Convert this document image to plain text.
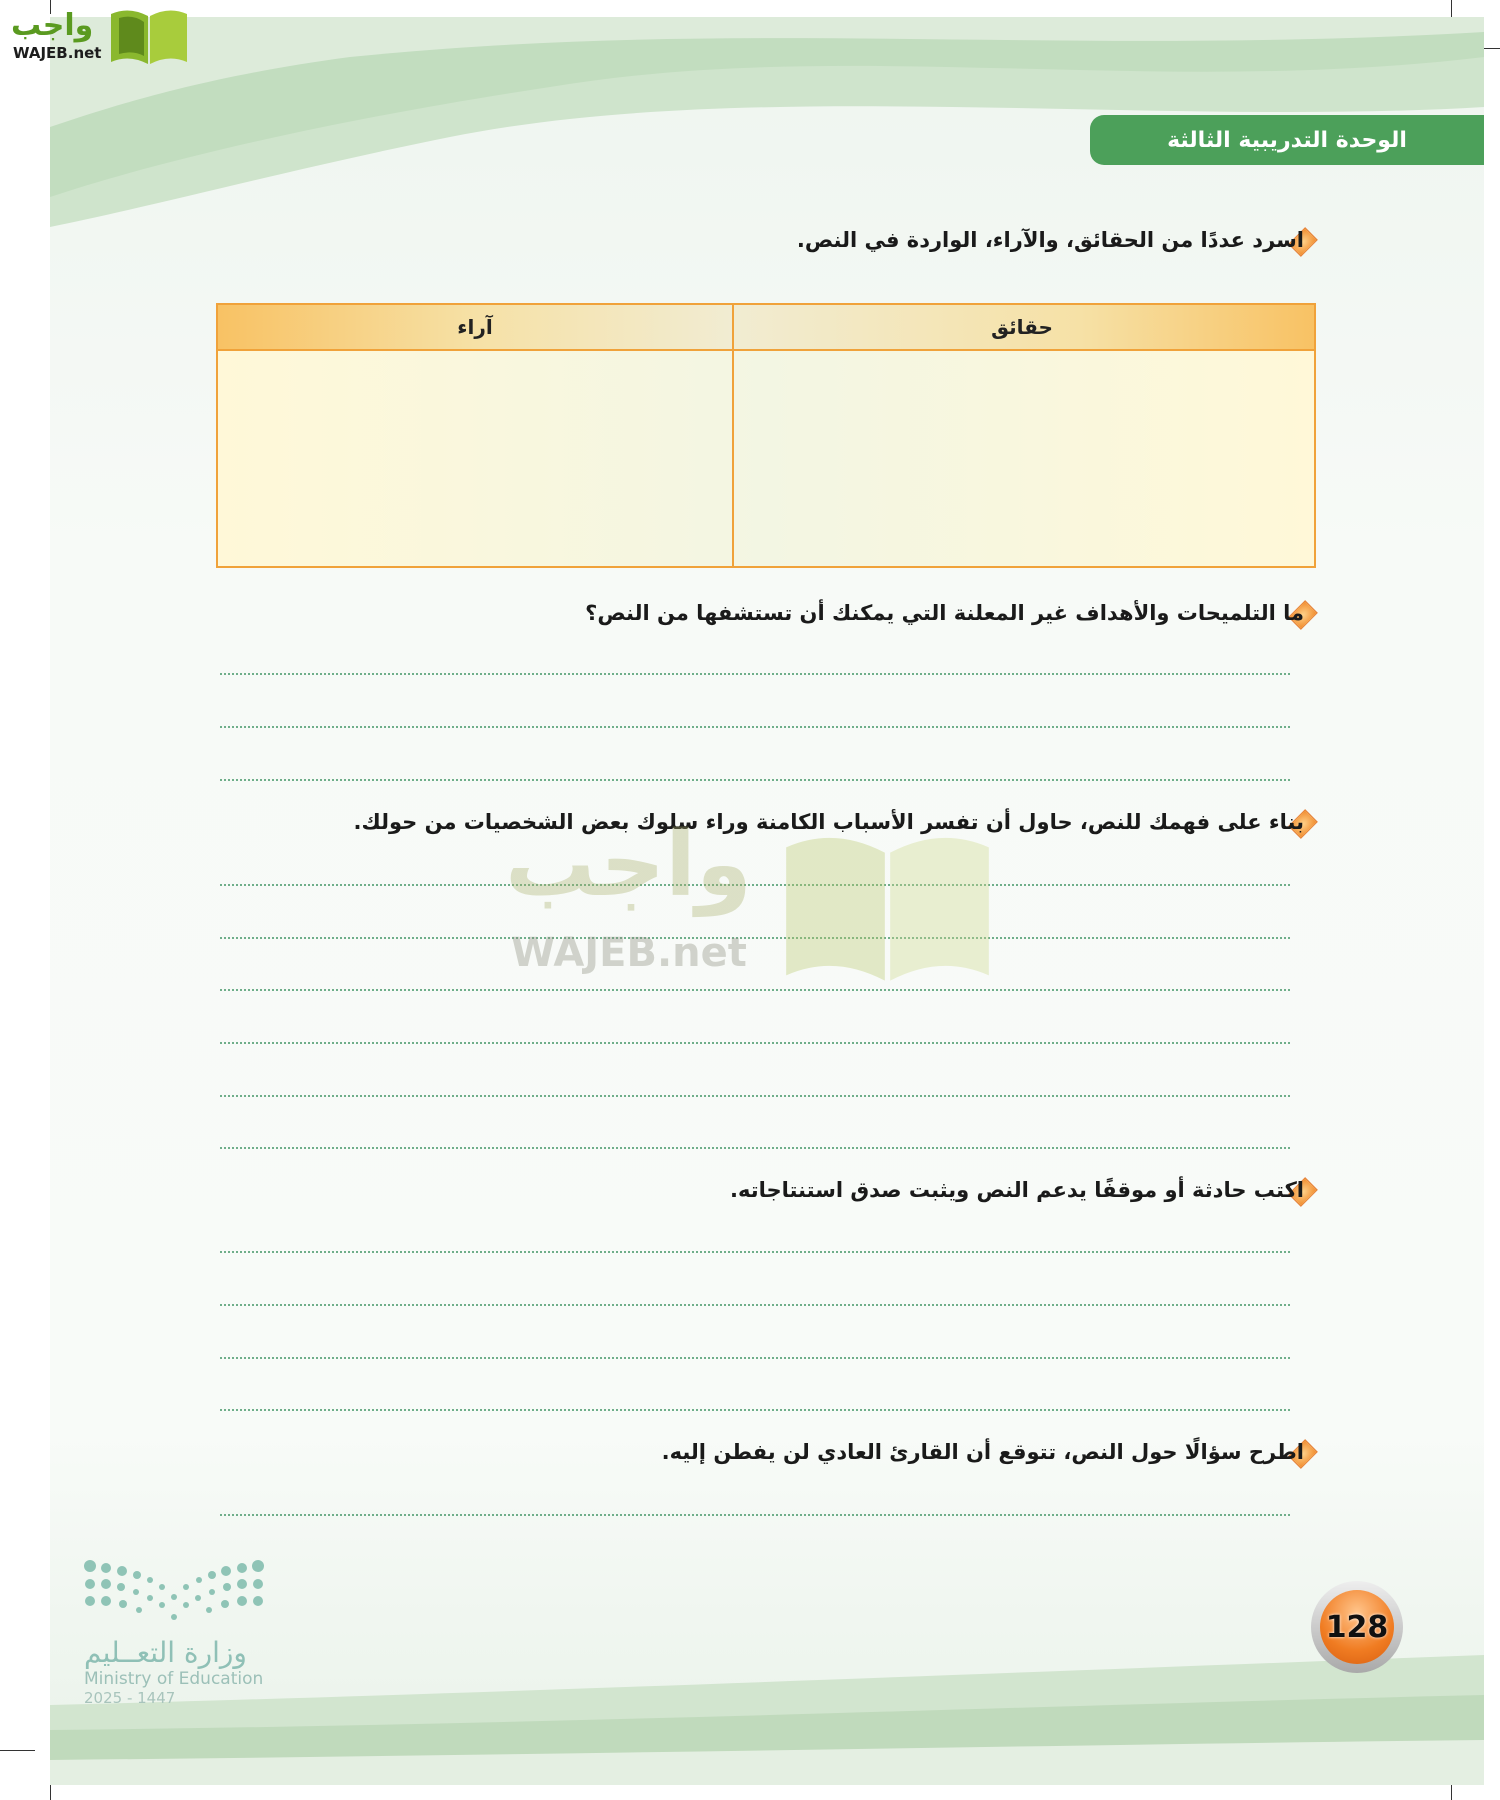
واجب
WAJEB.net
الوحدة التدريبية الثالثة
اسرد عددًا من الحقائق، والآراء، الواردة في النص.
حقائق
آراء
ما التلميحات والأهداف غير المعلنة التي يمكنك أن تستشفها من النص؟
بناء على فهمك للنص، حاول أن تفسر الأسباب الكامنة وراء سلوك بعض الشخصيات من حولك.
اكتب حادثة أو موقفًا يدعم النص ويثبت صدق استنتاجاته.
اطرح سؤالًا حول النص، تتوقع أن القارئ العادي لن يفطن إليه.
واجب
WAJEB.net
وزارة التعــليم
Ministry of Education
2025 - 1447
128
